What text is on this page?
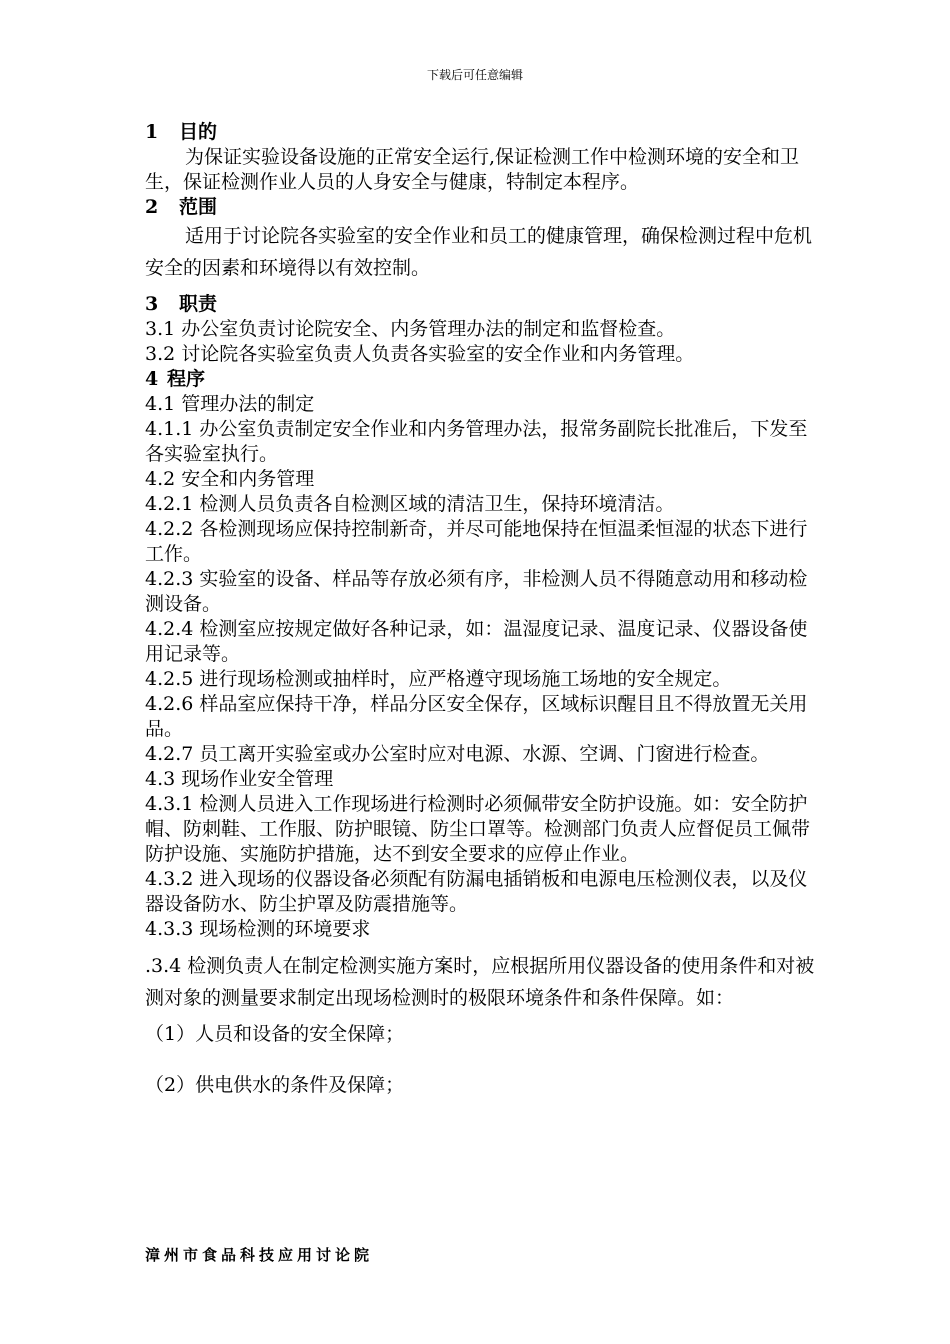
下载后可任意编辑

1 目的

为保证实验设备设施的正常安全运行,保证检测工作中检测环境的安全和卫生，保证检测作业人员的人身安全与健康，特制定本程序。

2 范围

适用于讨论院各实验室的安全作业和员工的健康管理，确保检测过程中危机安全的因素和环境得以有效控制。

3 职责

3.1 办公室负责讨论院安全、内务管理办法的制定和监督检查。

3.2 讨论院各实验室负责人负责各实验室的安全作业和内务管理。

4 程序

4.1 管理办法的制定

4.1.1 办公室负责制定安全作业和内务管理办法，报常务副院长批准后，下发至各实验室执行。

4.2 安全和内务管理

4.2.1 检测人员负责各自检测区域的清洁卫生，保持环境清洁。

4.2.2 各检测现场应保持控制新奇，并尽可能地保持在恒温柔恒湿的状态下进行工作。

4.2.3 实验室的设备、样品等存放必须有序，非检测人员不得随意动用和移动检测设备。

4.2.4 检测室应按规定做好各种记录，如：温湿度记录、温度记录、仪器设备使用记录等。

4.2.5 进行现场检测或抽样时，应严格遵守现场施工场地的安全规定。

4.2.6 样品室应保持干净，样品分区安全保存，区域标识醒目且不得放置无关用品。

4.2.7 员工离开实验室或办公室时应对电源、水源、空调、门窗进行检查。

4.3 现场作业安全管理

4.3.1 检测人员进入工作现场进行检测时必须佩带安全防护设施。如：安全防护帽、防刺鞋、工作服、防护眼镜、防尘口罩等。检测部门负责人应督促员工佩带防护设施、实施防护措施，达不到安全要求的应停止作业。

4.3.2 进入现场的仪器设备必须配有防漏电插销板和电源电压检测仪表，以及仪器设备防水、防尘护罩及防震措施等。

4.3.3 现场检测的环境要求

.3.4 检测负责人在制定检测实施方案时，应根据所用仪器设备的使用条件和对被测对象的测量要求制定出现场检测时的极限环境条件和条件保障。如：

（1）人员和设备的安全保障；

（2）供电供水的条件及保障；

漳州市食品科技应用讨论院
